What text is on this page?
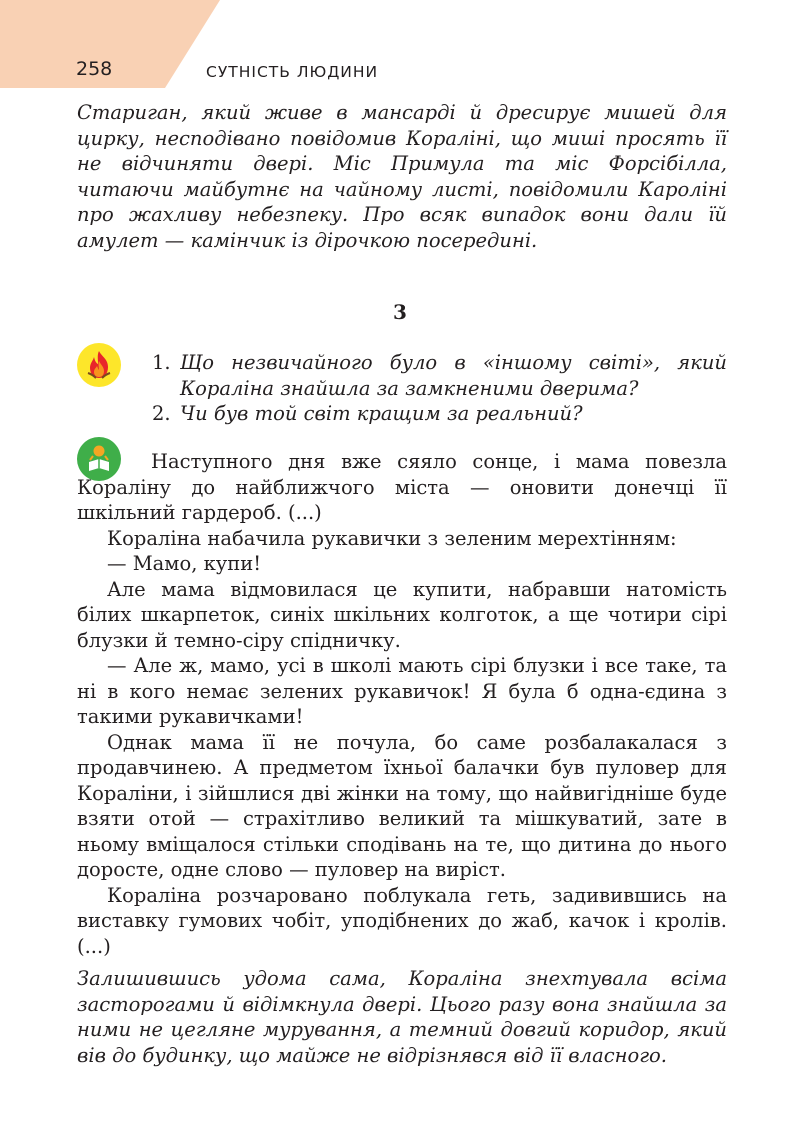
258	СУТНІСТЬ ЛЮДИНИ
Стариган, який живе в мансарді й дресирує мишей для цирку, несподівано повідомив Кораліні, що миші просять її не відчиняти двері. Міс Примула та міс Форсібілла, читаючи майбутнє на чайному листі, повідомили Кароліні про жахливу небезпеку. Про всяк випадок вони дали їй амулет — камінчик із дірочкою посередині.
3
1. Що незвичайного було в «іншому світі», який Кораліна знайшла за замкненими дверима?
2. Чи був той світ кращим за реальний?

Наступного дня вже сяяло сонце, і мама повезла Кораліну до найближчого міста — оновити донечці її шкільний гардероб. (...)

Кораліна набачила рукавички з зеленим мерехтінням:

— Мамо, купи!

Але мама відмовилася це купити, набравши натомість білих шкарпеток, синіх шкільних колготок, а ще чотири сірі блузки й темно-сіру спідничку.

— Але ж, мамо, усі в школі мають сірі блузки і все таке, та ні в кого немає зелених рукавичок! Я була б одна-єдина з такими рукавичками!

Однак мама її не почула, бо саме розбалакалася з продавчинею. А предметом їхньої балачки був пуловер для Кораліни, і зійшлися дві жінки на тому, що найвигідніше буде взяти отой — страхітливо великий та мішкуватий, зате в ньому вміщалося стільки сподівань на те, що дитина до нього доросте, одне слово — пуловер на виріст.

Кораліна розчаровано поблукала геть, задивившись на виставку гумових чобіт, уподібнених до жаб, качок і кролів. (...)

Залишившись удома сама, Кораліна знехтувала всіма засторогами й відімкнула двері. Цього разу вона знайшла за ними не цегляне мурування, а темний довгий коридор, який вів до будинку, що майже не відрізнявся від її власного.
